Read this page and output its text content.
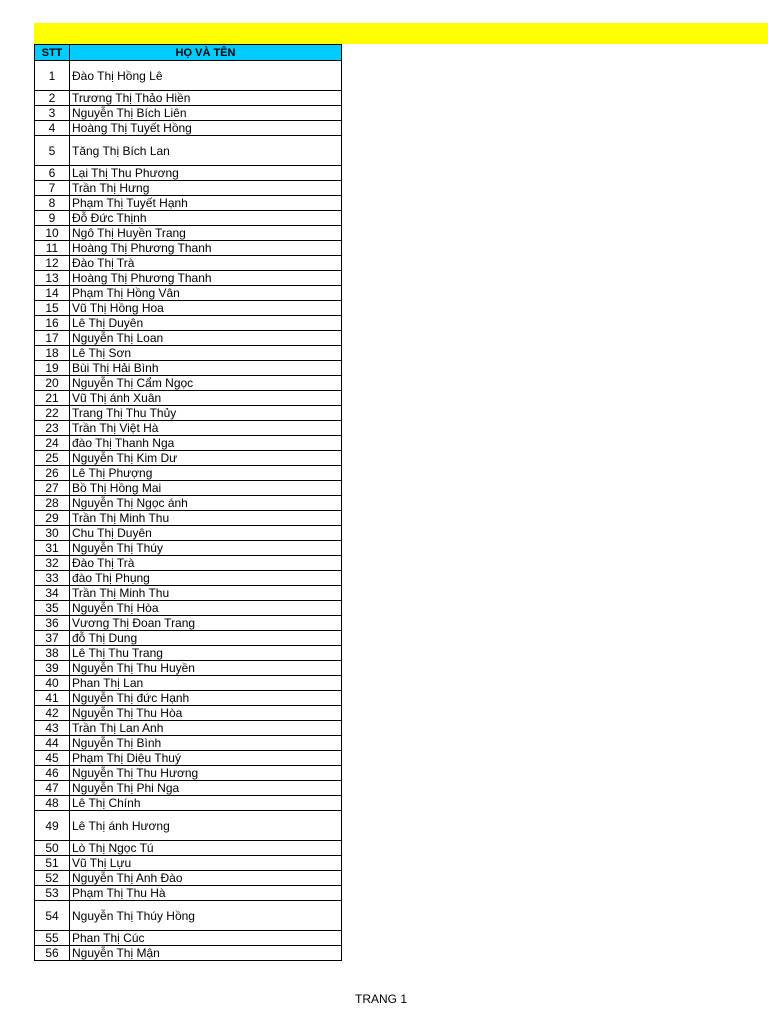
STT	HỌ VÀ TÊN
1	Đào Thị Hồng Lê
2	Trương Thị Thảo Hiền
3	Nguyễn Thị Bích Liên
4	Hoàng Thị Tuyết Hồng
5	Tăng Thị Bích Lan
6	Lại Thị Thu Phương
7	Trần Thị Hưng
8	Phạm Thị Tuyết Hạnh
9	Đỗ Đức Thịnh
10	Ngô Thị Huyền Trang
11	Hoàng Thị Phương Thanh
12	Đào Thị Trà
13	Hoàng Thị Phương Thanh
14	Phạm Thị Hồng Vân
15	Vũ Thị Hồng Hoa
16	Lê Thị Duyên
17	Nguyễn Thị Loan
18	Lê Thị Sơn
19	Bùi Thị Hải Bình
20	Nguyễn Thị Cẩm Ngọc
21	Vũ Thị ánh Xuân
22	Trang Thị Thu Thủy
23	Trần Thị Việt Hà
24	đào Thị Thanh Nga
25	Nguyễn Thị Kim Dư
26	Lê Thị Phượng
27	Bồ Thị Hồng Mai
28	Nguyễn Thị Ngọc ánh
29	Trần Thị Minh Thu
30	Chu Thị Duyên
31	Nguyễn Thị Thúy
32	Đào Thị Trà
33	đào Thị Phụng
34	Trần Thị Minh Thu
35	Nguyễn Thị Hòa
36	Vương Thị Đoan Trang
37	đỗ Thị Dung
38	Lê Thị Thu Trang
39	Nguyễn Thị Thu Huyền
40	Phan Thị Lan
41	Nguyễn Thị đức Hạnh
42	Nguyễn Thị Thu Hòa
43	Trần Thị Lan Anh
44	Nguyễn Thị Bình
45	Phạm Thị Diệu Thuý
46	Nguyễn Thị Thu Hương
47	Nguyễn Thị Phi Nga
48	Lê Thị Chính
49	Lê Thị ánh Hương
50	Lò Thị Ngọc Tú
51	Vũ Thị Lựu
52	Nguyễn Thị Anh Đào
53	Phạm Thị Thu Hà
54	Nguyễn Thị Thúy Hồng
55	Phan Thị Cúc
56	Nguyễn Thị Mận
TRANG 1
